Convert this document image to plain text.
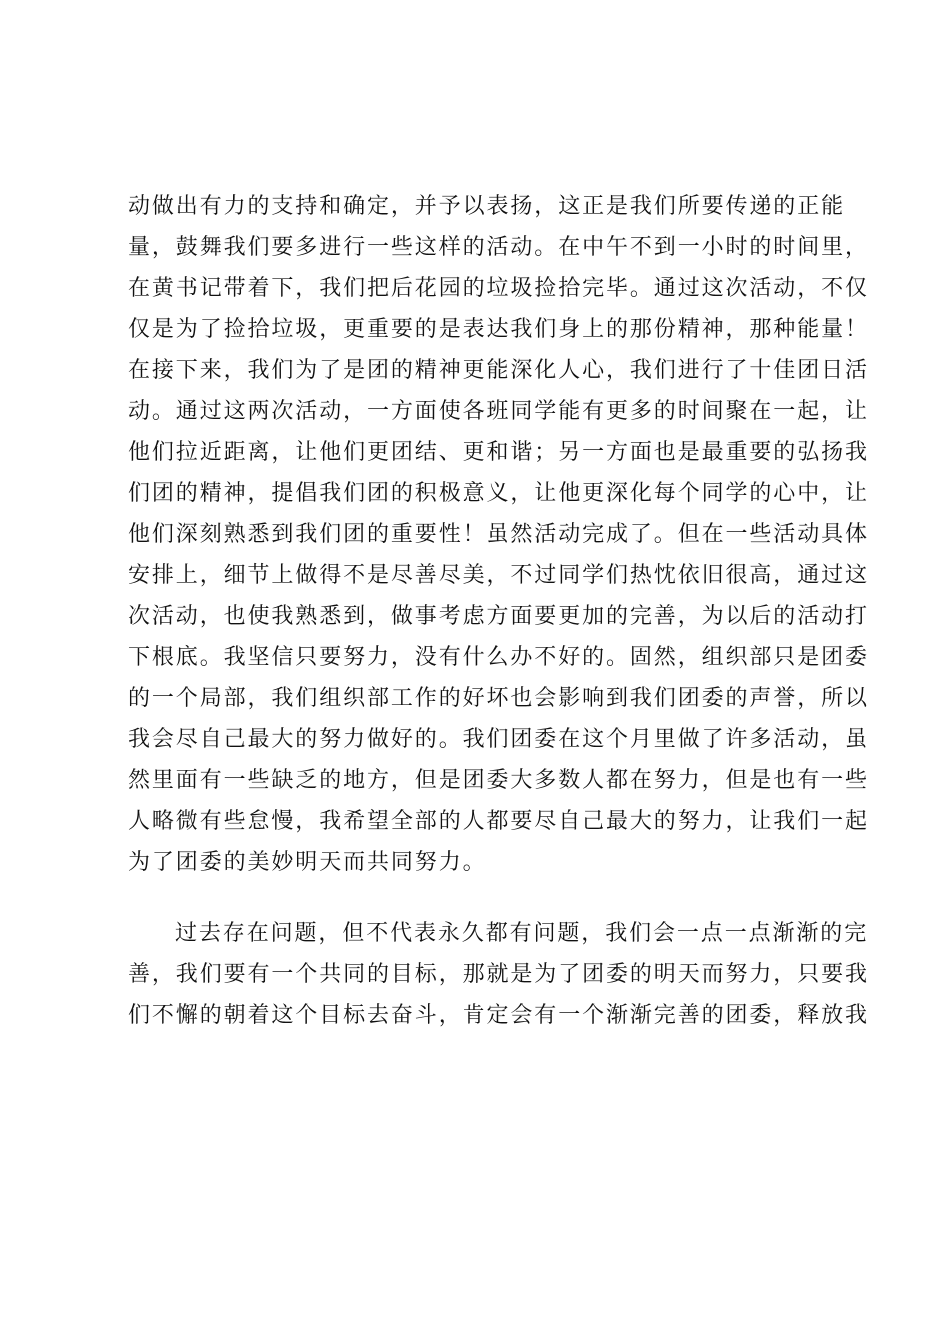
动做出有力的支持和确定，并予以表扬，这正是我们所要传递的正能
量，鼓舞我们要多进行一些这样的活动。在中午不到一小时的时间里，
在黄书记带着下，我们把后花园的垃圾捡拾完毕。通过这次活动，不仅
仅是为了捡拾垃圾，更重要的是表达我们身上的那份精神，那种能量！
在接下来，我们为了是团的精神更能深化人心，我们进行了十佳团日活
动。通过这两次活动，一方面使各班同学能有更多的时间聚在一起，让
他们拉近距离，让他们更团结、更和谐；另一方面也是最重要的弘扬我
们团的精神，提倡我们团的积极意义，让他更深化每个同学的心中，让
他们深刻熟悉到我们团的重要性！虽然活动完成了。但在一些活动具体
安排上，细节上做得不是尽善尽美，不过同学们热忱依旧很高，通过这
次活动，也使我熟悉到，做事考虑方面要更加的完善，为以后的活动打
下根底。我坚信只要努力，没有什么办不好的。固然，组织部只是团委
的一个局部，我们组织部工作的好坏也会影响到我们团委的声誉，所以
我会尽自己最大的努力做好的。我们团委在这个月里做了许多活动，虽
然里面有一些缺乏的地方，但是团委大多数人都在努力，但是也有一些
人略微有些怠慢，我希望全部的人都要尽自己最大的努力，让我们一起
为了团委的美妙明天而共同努力。
过去存在问题，但不代表永久都有问题，我们会一点一点渐渐的完
善，我们要有一个共同的目标，那就是为了团委的明天而努力，只要我
们不懈的朝着这个目标去奋斗，肯定会有一个渐渐完善的团委，释放我
